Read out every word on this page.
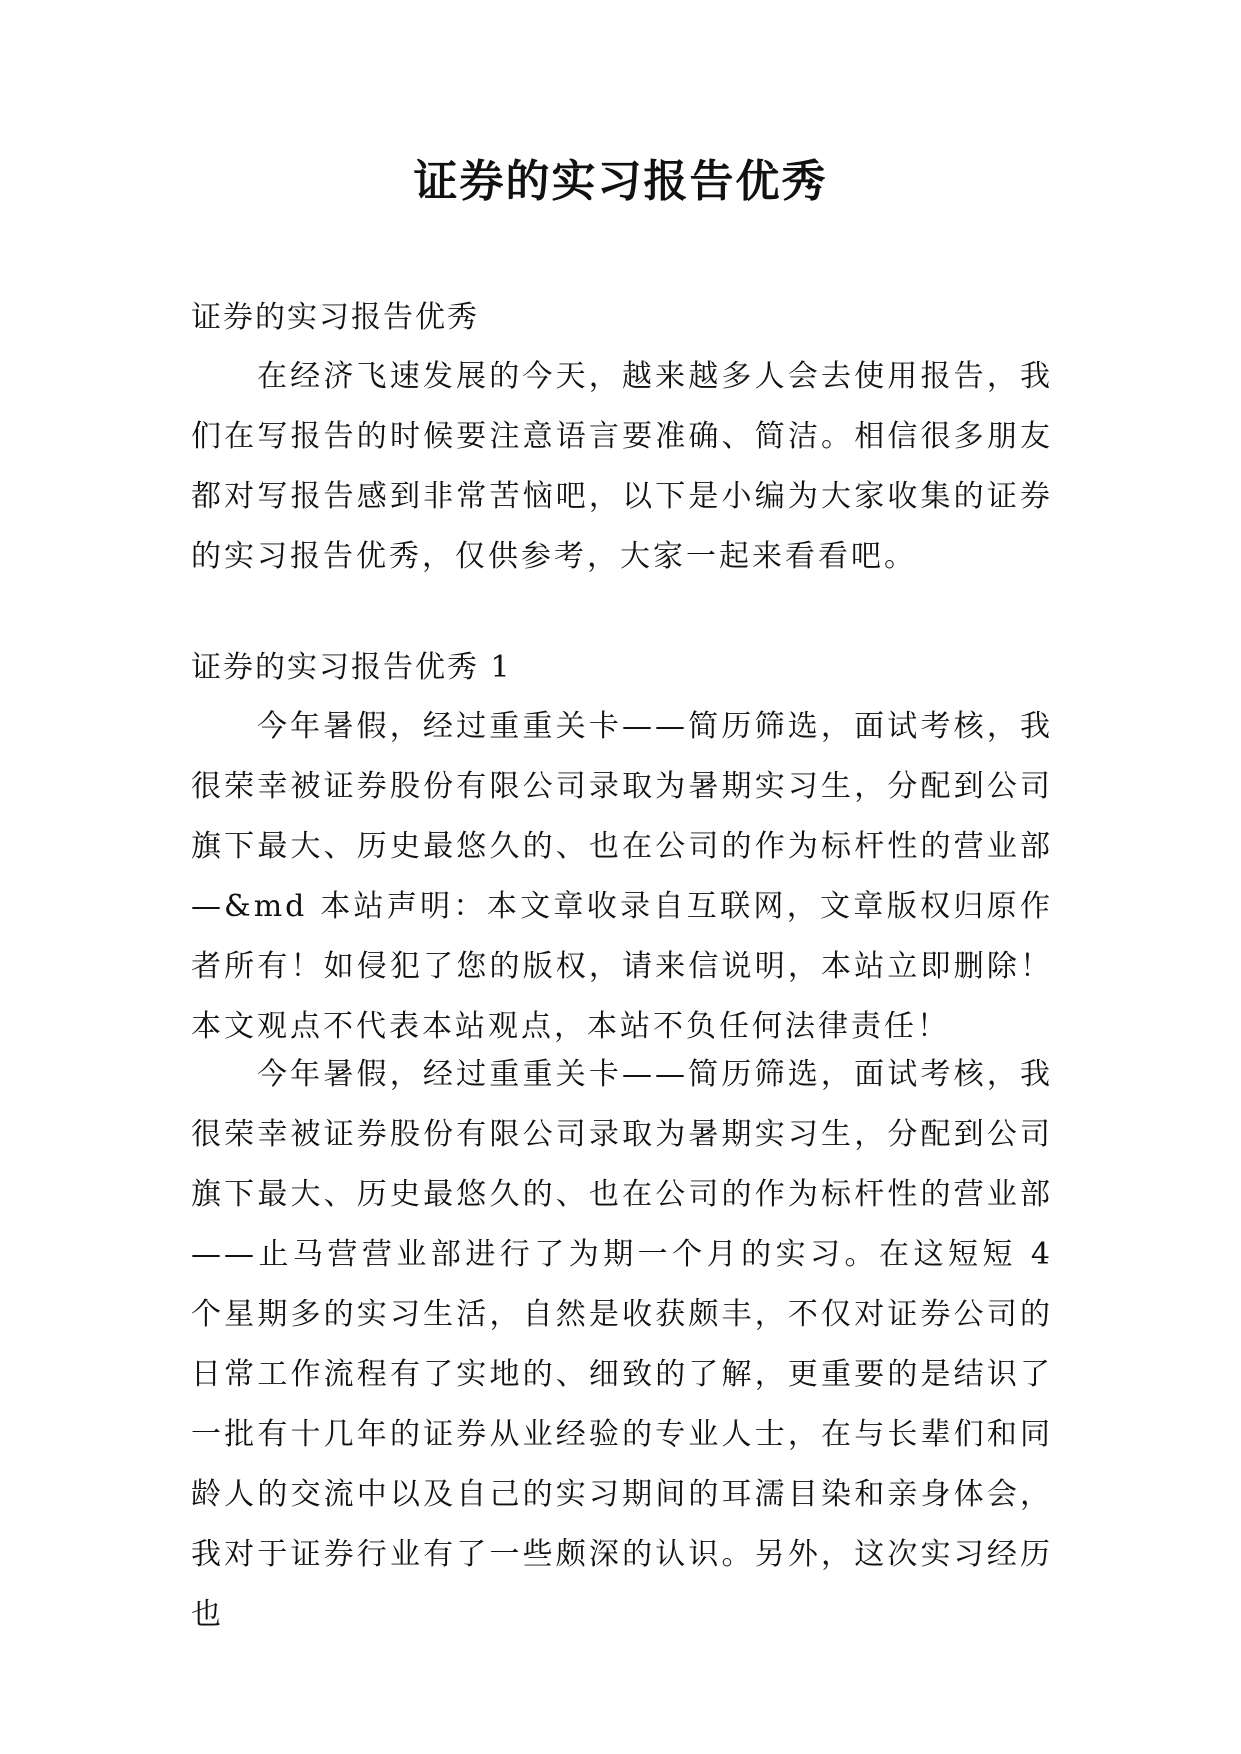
证券的实习报告优秀
证券的实习报告优秀

在经济飞速发展的今天，越来越多人会去使用报告，我们在写报告的时候要注意语言要准确、简洁。相信很多朋友都对写报告感到非常苦恼吧，以下是小编为大家收集的证券的实习报告优秀，仅供参考，大家一起来看看吧。

证券的实习报告优秀 1

今年暑假，经过重重关卡——简历筛选，面试考核，我很荣幸被证券股份有限公司录取为暑期实习生，分配到公司旗下最大、历史最悠久的、也在公司的作为标杆性的营业部—&md 本站声明：本文章收录自互联网，文章版权归原作者所有！如侵犯了您的版权，请来信说明，本站立即删除！本文观点不代表本站观点，本站不负任何法律责任！

今年暑假，经过重重关卡——简历筛选，面试考核，我很荣幸被证券股份有限公司录取为暑期实习生，分配到公司旗下最大、历史最悠久的、也在公司的作为标杆性的营业部——止马营营业部进行了为期一个月的实习。在这短短 4 个星期多的实习生活，自然是收获颇丰，不仅对证券公司的日常工作流程有了实地的、细致的了解，更重要的是结识了一批有十几年的证券从业经验的专业人士，在与长辈们和同龄人的交流中以及自己的实习期间的耳濡目染和亲身体会，我对于证券行业有了一些颇深的认识。另外，这次实习经历也
